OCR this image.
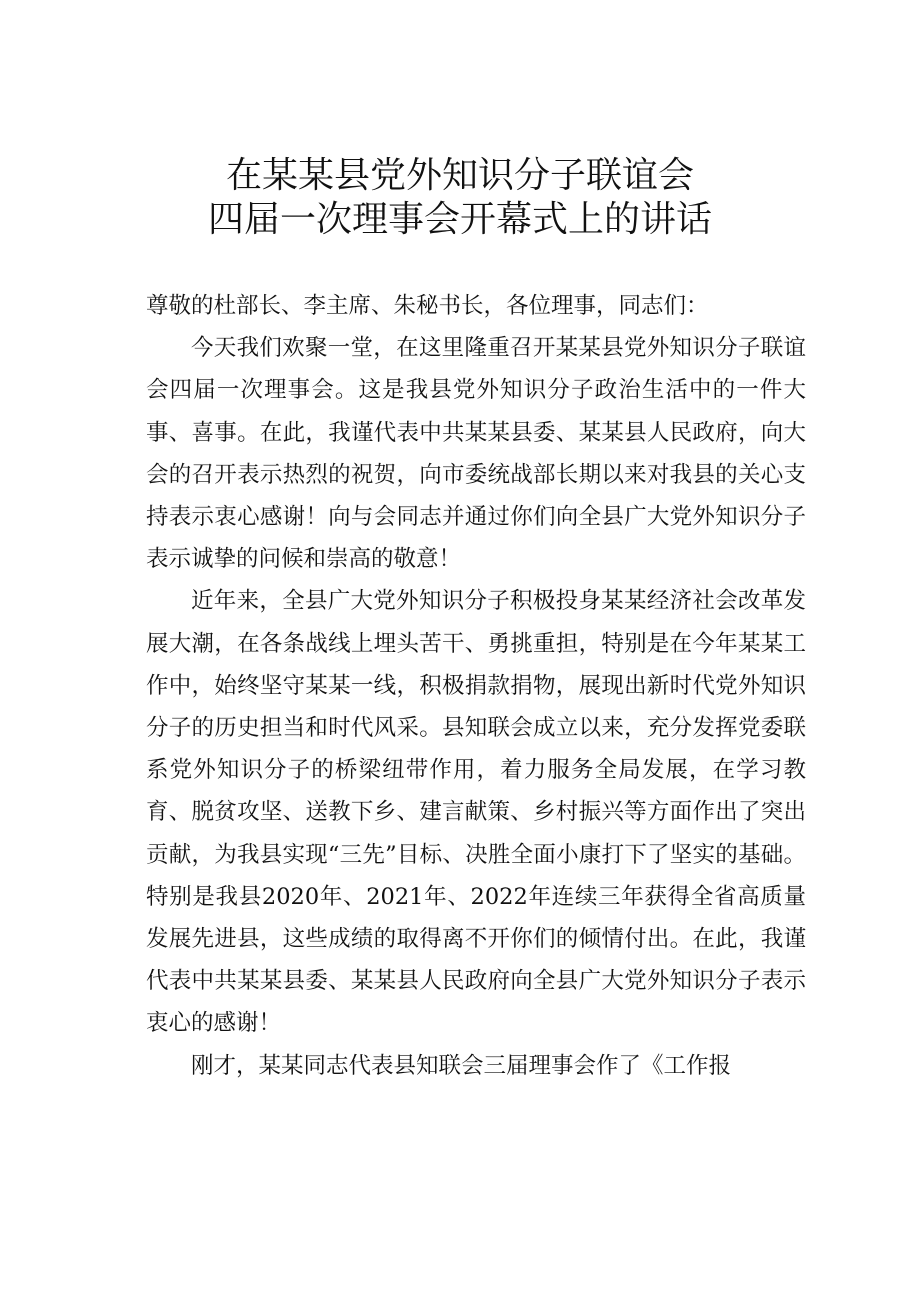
在某某县党外知识分子联谊会
四届一次理事会开幕式上的讲话

尊敬的杜部长、李主席、朱秘书长，各位理事，同志们：

今天我们欢聚一堂，在这里隆重召开某某县党外知识分子联谊会四届一次理事会。这是我县党外知识分子政治生活中的一件大事、喜事。在此，我谨代表中共某某县委、某某县人民政府，向大会的召开表示热烈的祝贺，向市委统战部长期以来对我县的关心支持表示衷心感谢！向与会同志并通过你们向全县广大党外知识分子表示诚挚的问候和崇高的敬意！

近年来，全县广大党外知识分子积极投身某某经济社会改革发展大潮，在各条战线上埋头苦干、勇挑重担，特别是在今年某某工作中，始终坚守某某一线，积极捐款捐物，展现出新时代党外知识分子的历史担当和时代风采。县知联会成立以来，充分发挥党委联系党外知识分子的桥梁纽带作用，着力服务全局发展，在学习教育、脱贫攻坚、送教下乡、建言献策、乡村振兴等方面作出了突出贡献，为我县实现“三先”目标、决胜全面小康打下了坚实的基础。特别是我县2020年、2021年、2022年连续三年获得全省高质量发展先进县，这些成绩的取得离不开你们的倾情付出。在此，我谨代表中共某某县委、某某县人民政府向全县广大党外知识分子表示衷心的感谢！

刚才，某某同志代表县知联会三届理事会作了《工作报
